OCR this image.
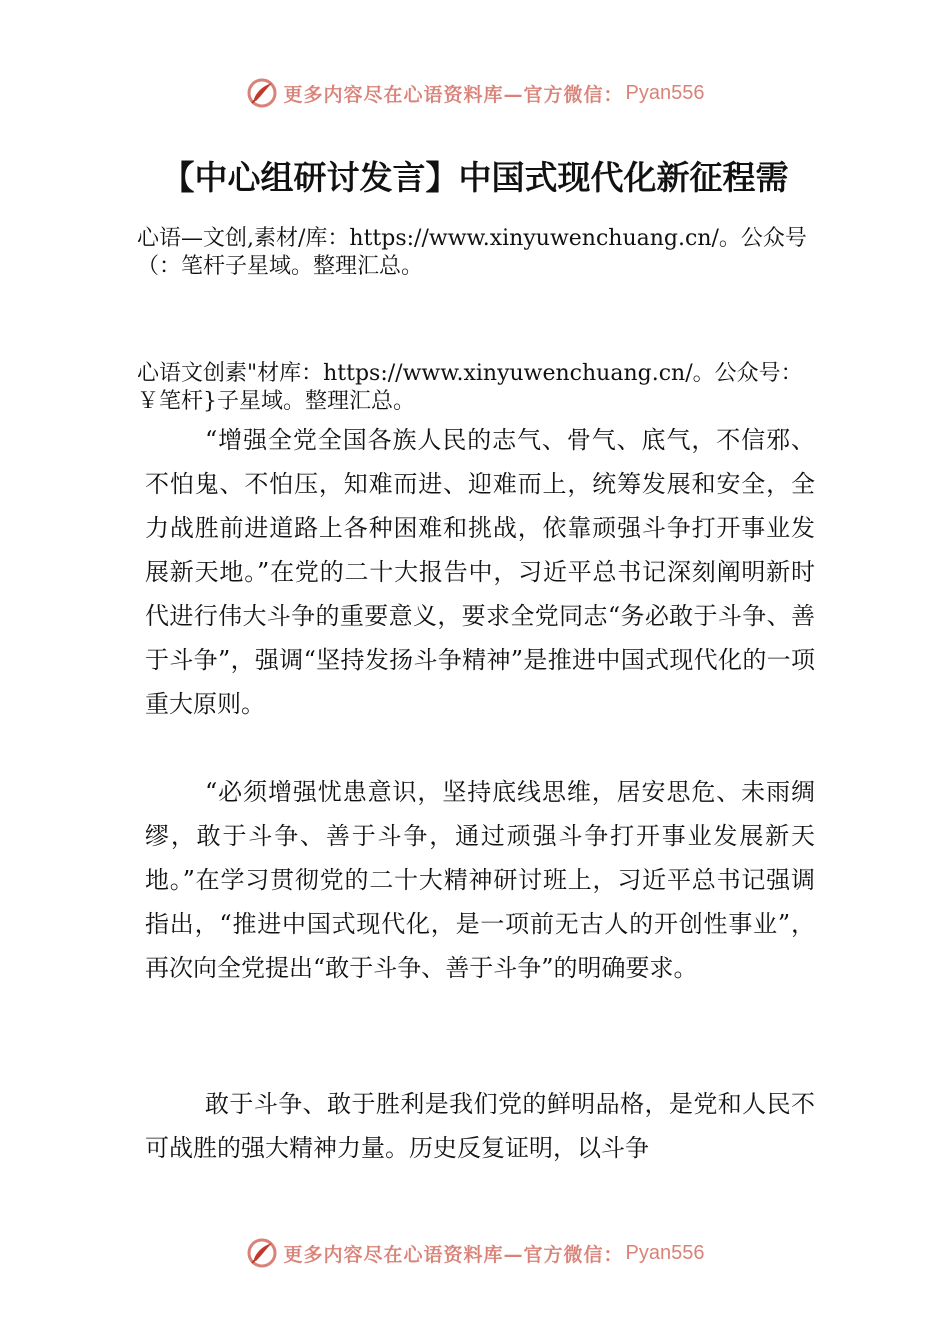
更多内容尽在心语资料库—官方微信： Pyan556
【中心组研讨发言】中国式现代化新征程需
心语—文创,素材/库：https://www.xinyuwenchuang.cn/。公众号（：笔杆子星域。整理汇总。
心语文创素"材库：https://www.xinyuwenchuang.cn/。公众号：￥笔杆}子星域。整理汇总。

“增强全党全国各族人民的志气、骨气、底气，不信邪、不怕鬼、不怕压，知难而进、迎难而上，统筹发展和安全，全力战胜前进道路上各种困难和挑战，依靠顽强斗争打开事业发展新天地。”在党的二十大报告中，习近平总书记深刻阐明新时代进行伟大斗争的重要意义，要求全党同志“务必敢于斗争、善于斗争”，强调“坚持发扬斗争精神”是推进中国式现代化的一项重大原则。

“必须增强忧患意识，坚持底线思维，居安思危、未雨绸缪，敢于斗争、善于斗争，通过顽强斗争打开事业发展新天地。”在学习贯彻党的二十大精神研讨班上，习近平总书记强调指出，“推进中国式现代化，是一项前无古人的开创性事业”，再次向全党提出“敢于斗争、善于斗争”的明确要求。

敢于斗争、敢于胜利是我们党的鲜明品格，是党和人民不可战胜的强大精神力量。历史反复证明，以斗争

更多内容尽在心语资料库—官方微信： Pyan556
